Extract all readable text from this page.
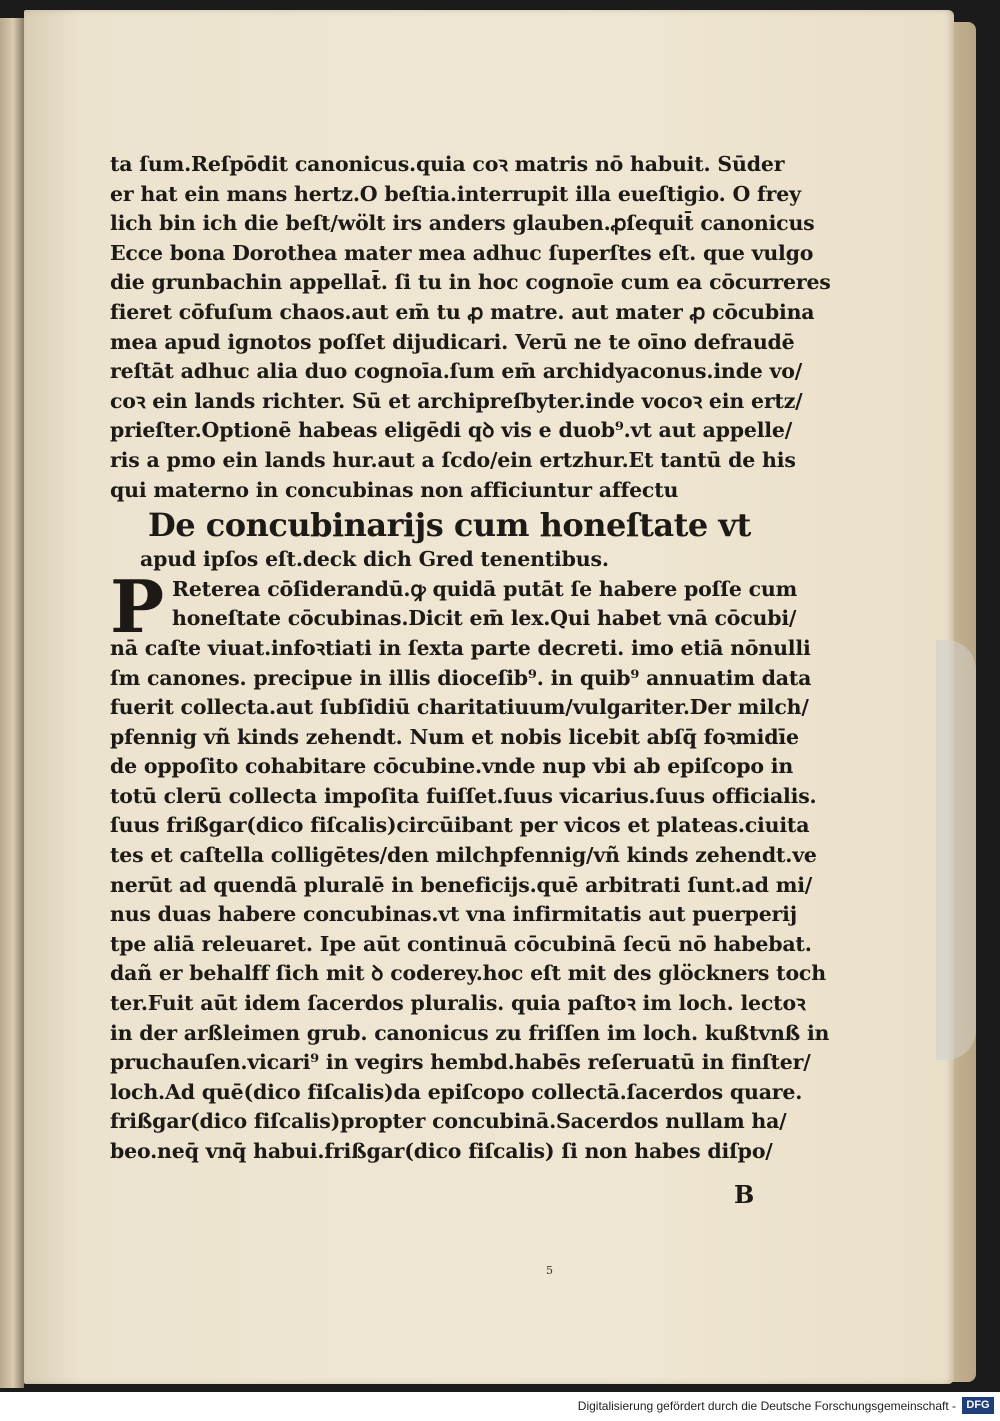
ta ſum.Reſpōdit canonicus.quia coꝛ matris nō habuit. Sūder
er hat ein mans hertz.O beſtia.interrupit illa eueſtigio. O frey
lich bin ich die beſt/wölt irs anders glauben.ꝓſequit̄ canonicus
Ecce bona Dorothea mater mea adhuc ſuperſtes eſt. que vulgo
die grunbachin appellat̄. ſi tu in hoc cognoīe cum ea cōcurreres
fieret cōfuſum chaos.aut em̄ tu ꝓ matre. aut mater ꝓ cōcubina
mea apud ignotos poſſet dijudicari. Verū ne te oīno defraudē
reſtāt adhuc alia duo cognoīa.ſum em̄ archidyaconus.inde vo/
coꝛ ein lands richter. Sū et archipreſbyter.inde vocoꝛ ein ertz/
prieſter.Optionē habeas eligēdi qꝺ vis e duob⁹.vt aut appelle/
ris a pmo ein lands hur.aut a ſcdo/ein ertzhur.Et tantū de his
qui materno in concubinas non afficiuntur affectu
De concubinarijs cum honeſtate vt
apud ipſos eſt.deck dich Gred tenentibus.
P Reterea cōſiderandū.ꝙ quidā putāt ſe habere poſſe cum
honeſtate cōcubinas.Dicit em̄ lex.Qui habet vnā cōcubi/
nā caſte viuat.infoꝛtiati in ſexta parte decreti. imo etiā nōnulli
ſm canones. precipue in illis dioceſib⁹. in quib⁹ annuatim data
fuerit collecta.aut ſubſidiū charitatiuum/vulgariter.Der milch/
pfennig vñ kinds zehendt. Num et nobis licebit abſq̄ foꝛmidīe
de oppoſito cohabitare cōcubine.vnde nup vbi ab epiſcopo in
totū clerū collecta impoſita fuiſſet.ſuus vicarius.ſuus officialis.
ſuus frißgar(dico fiſcalis)circūibant per vicos et plateas.ciuita
tes et caſtella colligētes/den milchpfennig/vñ kinds zehendt.ve
nerūt ad quendā pluralē in beneficijs.quē arbitrati ſunt.ad mi/
nus duas habere concubinas.vt vna infirmitatis aut puerperij
tpe aliā releuaret. Ipe aūt continuā cōcubinā ſecū nō habebat.
dañ er behalff ſich mit ꝺ coderey.hoc eſt mit des glöckners toch
ter.Fuit aūt idem ſacerdos pluralis. quia paſtoꝛ im loch. lectoꝛ
in der arßleimen grub. canonicus zu friſſen im loch. kußtvnß in
pruchauſen.vicari⁹ in vegirs hembd.habēs reſeruatū in finſter/
loch.Ad quē(dico fiſcalis)da epiſcopo collectā.ſacerdos quare.
frißgar(dico fiſcalis)propter concubinā.Sacerdos nullam ha/
beo.neq̄ vnq̄ habui.frißgar(dico fiſcalis) ſi non habes diſpo/
B
5
Digitalisierung gefördert durch die Deutsche Forschungsgemeinschaft - DFG
